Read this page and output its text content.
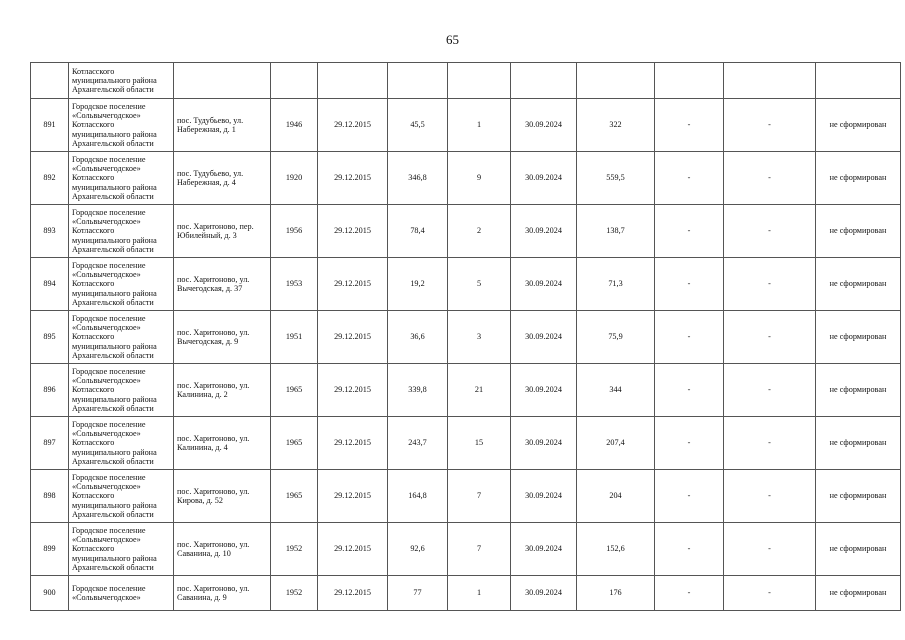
65

	Котласского
муниципального района
Архангельской области										

891	Городское поселение
«Сольвычегодское»
Котласского
муниципального района
Архангельской области	пос. Тудубьево, ул.
Набережная, д. 1	1946	29.12.2015	45,5	1	30.09.2024	322	-	-	не сформирован

892	Городское поселение
«Сольвычегодское»
Котласского
муниципального района
Архангельской области	пос. Тудубьево, ул.
Набережная, д. 4	1920	29.12.2015	346,8	9	30.09.2024	559,5	-	-	не сформирован

893	Городское поселение
«Сольвычегодское»
Котласского
муниципального района
Архангельской области	пос. Харитоново, пер.
Юбилейный, д. 3	1956	29.12.2015	78,4	2	30.09.2024	138,7	-	-	не сформирован

894	Городское поселение
«Сольвычегодское»
Котласского
муниципального района
Архангельской области	пос. Харитоново, ул.
Вычегодская, д. 37	1953	29.12.2015	19,2	5	30.09.2024	71,3	-	-	не сформирован

895	Городское поселение
«Сольвычегодское»
Котласского
муниципального района
Архангельской области	пос. Харитоново, ул.
Вычегодская, д. 9	1951	29.12.2015	36,6	3	30.09.2024	75,9	-	-	не сформирован

896	Городское поселение
«Сольвычегодское»
Котласского
муниципального района
Архангельской области	пос. Харитоново, ул.
Калинина, д. 2	1965	29.12.2015	339,8	21	30.09.2024	344	-	-	не сформирован

897	Городское поселение
«Сольвычегодское»
Котласского
муниципального района
Архангельской области	пос. Харитоново, ул.
Калинина, д. 4	1965	29.12.2015	243,7	15	30.09.2024	207,4	-	-	не сформирован

898	Городское поселение
«Сольвычегодское»
Котласского
муниципального района
Архангельской области	пос. Харитоново, ул.
Кирова, д. 52	1965	29.12.2015	164,8	7	30.09.2024	204	-	-	не сформирован

899	Городское поселение
«Сольвычегодское»
Котласского
муниципального района
Архангельской области	пос. Харитоново, ул.
Саванина, д. 10	1952	29.12.2015	92,6	7	30.09.2024	152,6	-	-	не сформирован

900	Городское поселение
«Сольвычегодское»	пос. Харитоново, ул.
Саванина, д. 9	1952	29.12.2015	77	1	30.09.2024	176	-	-	не сформирован
